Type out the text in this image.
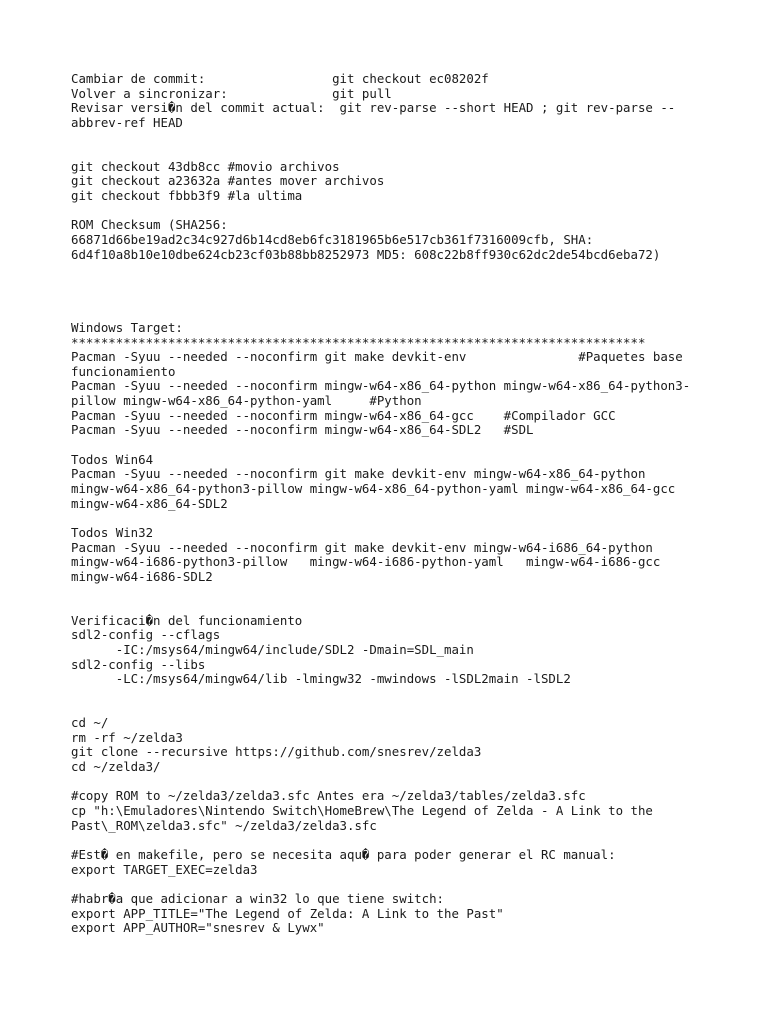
Cambiar de commit:                 git checkout ec08202f
Volver a sincronizar:              git pull
Revisar versi�n del commit actual:  git rev-parse --short HEAD ; git rev-parse --
abbrev-ref HEAD
git checkout 43db8cc #movio archivos
git checkout a23632a #antes mover archivos
git checkout fbbb3f9 #la ultima
ROM Checksum (SHA256:
66871d66be19ad2c34c927d6b14cd8eb6fc3181965b6e517cb361f7316009cfb, SHA:
6d4f10a8b10e10dbe624cb23cf03b88bb8252973 MD5: 608c22b8ff930c62dc2de54bcd6eba72)
Windows Target:
*****************************************************************************
Pacman -Syuu --needed --noconfirm git make devkit-env               #Paquetes base
funcionamiento
Pacman -Syuu --needed --noconfirm mingw-w64-x86_64-python mingw-w64-x86_64-python3-
pillow mingw-w64-x86_64-python-yaml     #Python
Pacman -Syuu --needed --noconfirm mingw-w64-x86_64-gcc    #Compilador GCC
Pacman -Syuu --needed --noconfirm mingw-w64-x86_64-SDL2   #SDL
Todos Win64
Pacman -Syuu --needed --noconfirm git make devkit-env mingw-w64-x86_64-python
mingw-w64-x86_64-python3-pillow mingw-w64-x86_64-python-yaml mingw-w64-x86_64-gcc
mingw-w64-x86_64-SDL2
Todos Win32
Pacman -Syuu --needed --noconfirm git make devkit-env mingw-w64-i686_64-python
mingw-w64-i686-python3-pillow   mingw-w64-i686-python-yaml   mingw-w64-i686-gcc
mingw-w64-i686-SDL2
Verificaci�n del funcionamiento
sdl2-config --cflags
-IC:/msys64/mingw64/include/SDL2 -Dmain=SDL_main
sdl2-config --libs
-LC:/msys64/mingw64/lib -lmingw32 -mwindows -lSDL2main -lSDL2
cd ~/
rm -rf ~/zelda3
git clone --recursive https://github.com/snesrev/zelda3
cd ~/zelda3/
#copy ROM to ~/zelda3/zelda3.sfc Antes era ~/zelda3/tables/zelda3.sfc
cp "h:\Emuladores\Nintendo Switch\HomeBrew\The Legend of Zelda - A Link to the
Past\_ROM\zelda3.sfc" ~/zelda3/zelda3.sfc
#Est� en makefile, pero se necesita aqu� para poder generar el RC manual:
export TARGET_EXEC=zelda3
#habr�a que adicionar a win32 lo que tiene switch:
export APP_TITLE="The Legend of Zelda: A Link to the Past"
export APP_AUTHOR="snesrev & Lywx"
